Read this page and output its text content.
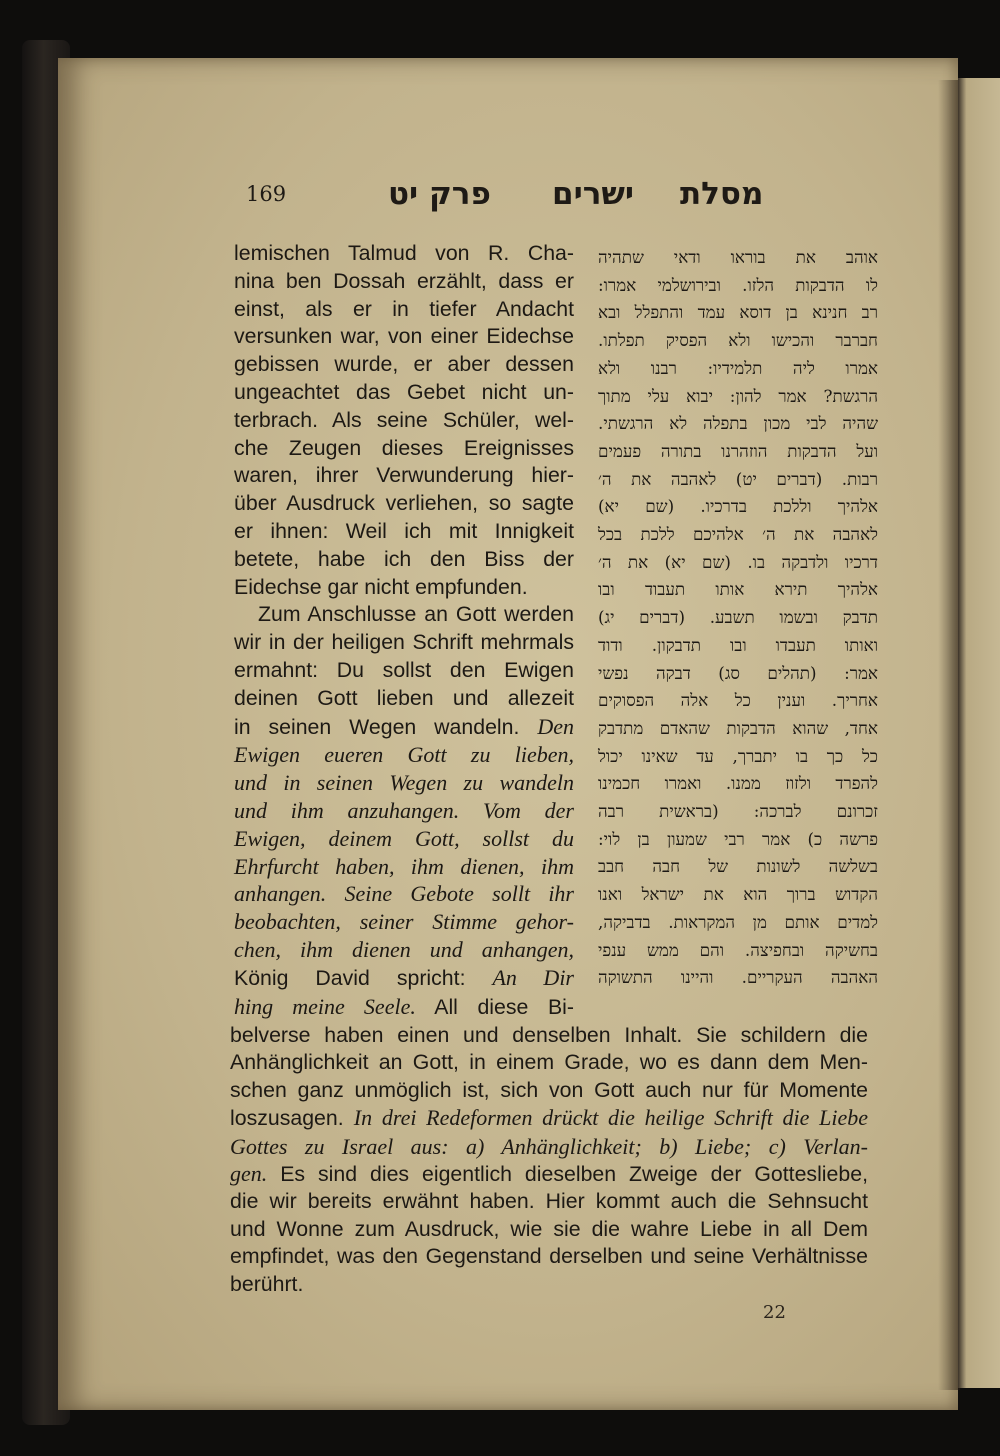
169	מסלת
ישרים
פרק יט
lemischen Talmud von R. Cha-
nina ben Dossah erzählt, dass er
einst, als er in tiefer Andacht
versunken war, von einer Eidechse
gebissen wurde, er aber dessen
ungeachtet das Gebet nicht un-
terbrach. Als seine Schüler, wel-
che Zeugen dieses Ereignisses
waren, ihrer Verwunderung hier-
über Ausdruck verliehen, so sagte
er ihnen: Weil ich mit Innigkeit
betete, habe ich den Biss der
Eidechse gar nicht empfunden.
Zum Anschlusse an Gott werden
wir in der heiligen Schrift mehrmals
ermahnt: Du sollst den Ewigen
deinen Gott lieben und allezeit
in seinen Wegen wandeln. Den
Ewigen eueren Gott zu lieben,
und in seinen Wegen zu wandeln
und ihm anzuhangen. Vom der
Ewigen, deinem Gott, sollst du
Ehrfurcht haben, ihm dienen, ihm
anhangen. Seine Gebote sollt ihr
beobachten, seiner Stimme gehor-
chen, ihm dienen und anhangen,
König David spricht: An Dir
hing meine Seele. All diese Bi-
אוהב את בוראו ודאי שתהיה
לו הדבקות הלזו. ובירושלמי אמרו:
רב חנינא בן דוסא עמד והתפלל ובא
חברבר והכישו ולא הפסיק תפלתו.
אמרו ליה תלמידיו: רבנו ולא
הרגשת? אמר להון: יבוא עלי מתוך
שהיה לבי מכון בתפלה לא הרגשתי.
ועל הדבקות הוזהרנו בתורה פעמים
רבות. (דברים יט) לאהבה את ה׳
אלהיך וללכת בדרכיו. (שם יא)
לאהבה את ה׳ אלהיכם ללכת בכל
דרכיו ולדבקה בו. (שם יא) את ה׳
אלהיך תירא אותו תעבוד ובו
תדבק ובשמו תשבע. (דברים יג)
ואותו תעבדו ובו תדבקון. ודוד
אמר: (תהלים סג) דבקה נפשי
אחריך. וענין כל אלה הפסוקים
אחד, שהוא הדבקות שהאדם מתדבק
כל כך בו יתברך, עד שאינו יכול
להפרד ולזוז ממנו. ואמרו חכמינו
זכרונם לברכה: (בראשית רבה
פרשה כ) אמר רבי שמעון בן לוי:
בשלשה לשונות של חבה חבב
הקדוש ברוך הוא את ישראל ואנו
למדים אותם מן המקראות. בדביקה,
בחשיקה ובחפיצה. והם ממש ענפי
האהבה העקריים. והיינו התשוקה
belverse haben einen und denselben Inhalt. Sie schildern die
Anhänglichkeit an Gott, in einem Grade, wo es dann dem Men-
schen ganz unmöglich ist, sich von Gott auch nur für Momente
loszusagen. In drei Redeformen drückt die heilige Schrift die Liebe
Gottes zu Israel aus: a) Anhänglichkeit; b) Liebe; c) Verlan-
gen. Es sind dies eigentlich dieselben Zweige der Gottesliebe,
die wir bereits erwähnt haben. Hier kommt auch die Sehnsucht
und Wonne zum Ausdruck, wie sie die wahre Liebe in all Dem
empfindet, was den Gegenstand derselben und seine Verhältnisse
berührt.
22
